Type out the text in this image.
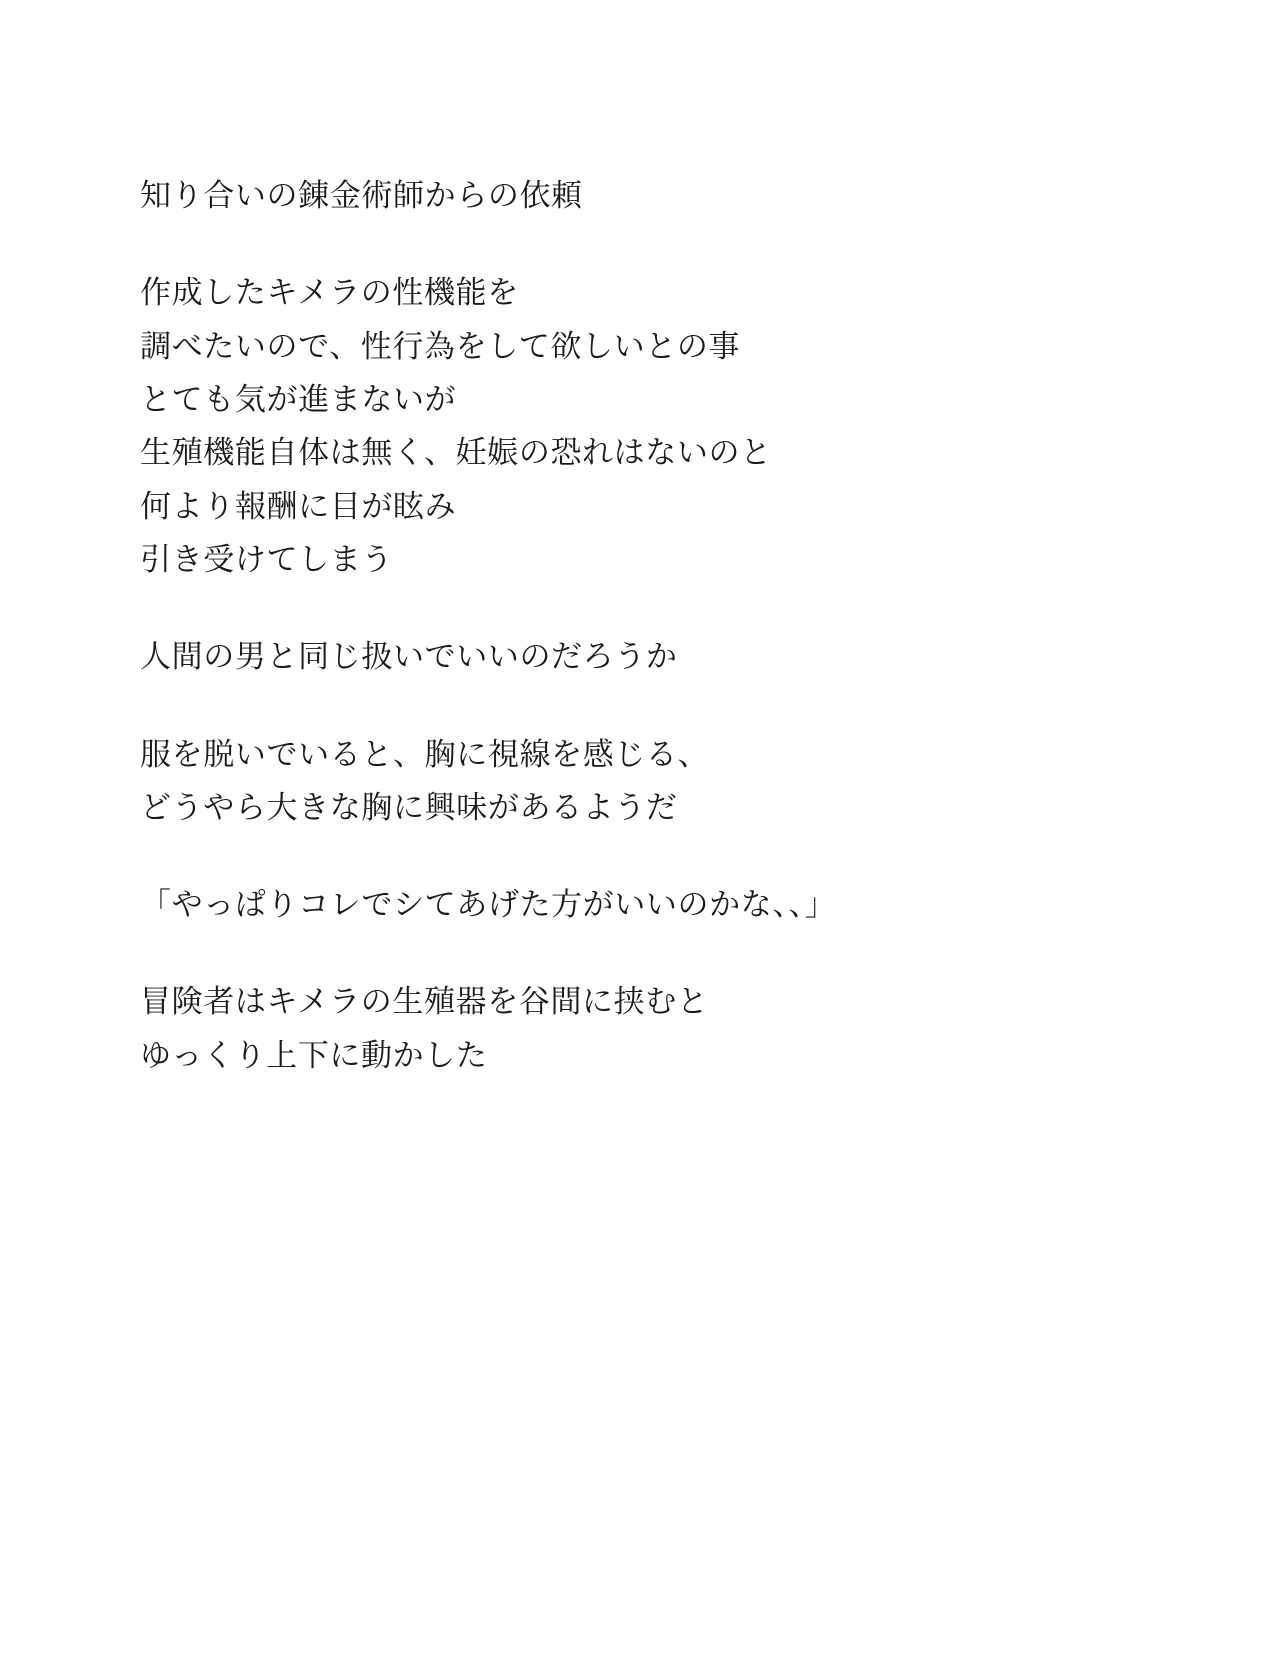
知り合いの錬金術師からの依頼
作成したキメラの性機能を
調べたいので、性行為をして欲しいとの事
とても気が進まないが
生殖機能自体は無く、妊娠の恐れはないのと
何より報酬に目が眩み
引き受けてしまう
人間の男と同じ扱いでいいのだろうか
服を脱いでいると、胸に視線を感じる、
どうやら大きな胸に興味があるようだ
「やっぱりコレでシてあげた方がいいのかな、、」
冒険者はキメラの生殖器を谷間に挟むと
ゆっくり上下に動かした
